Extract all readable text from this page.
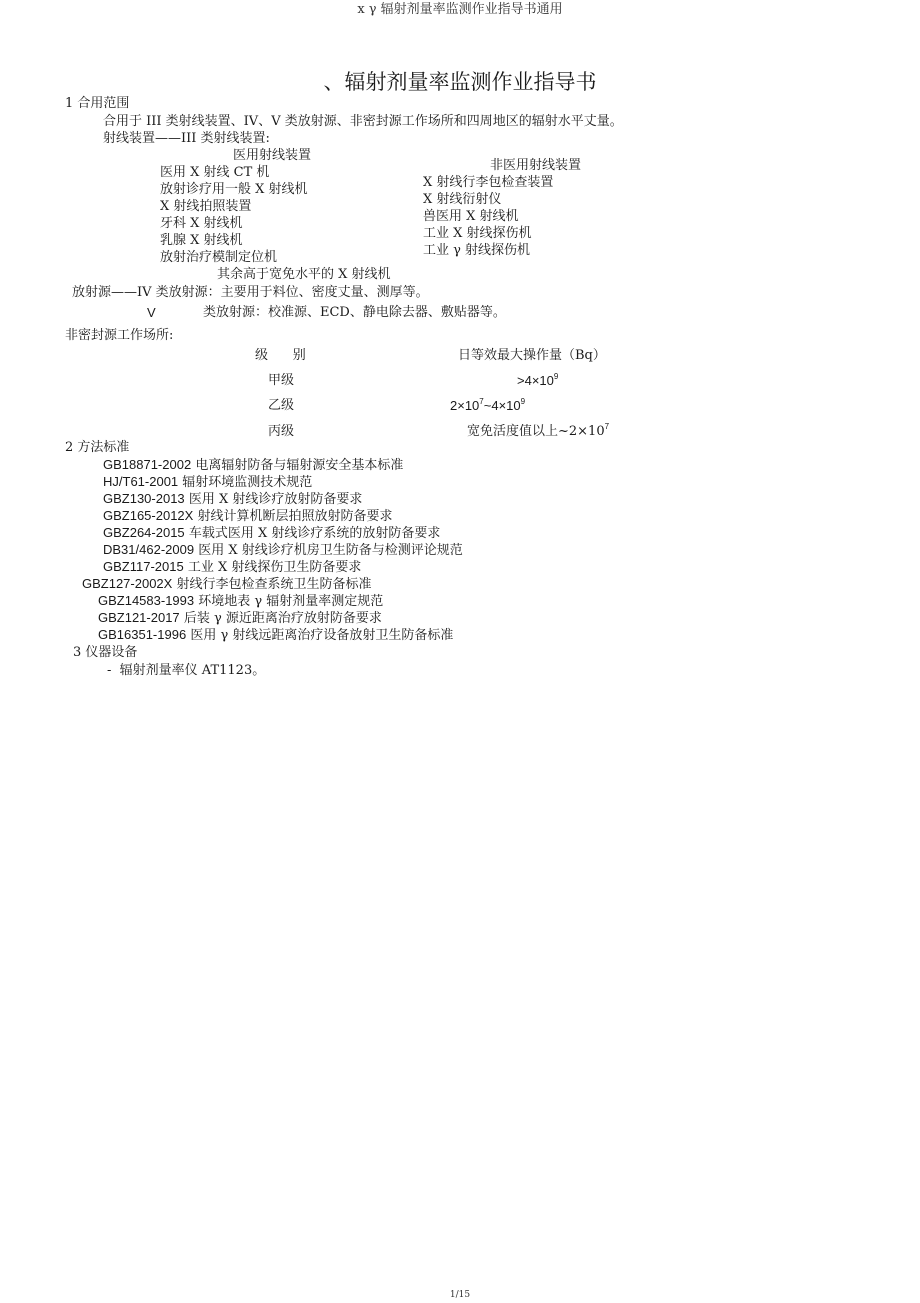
x γ 辐射剂量率监测作业指导书通用
、辐射剂量率监测作业指导书
1 合用范围
合用于 III 类射线装置、IV、V 类放射源、非密封源工作场所和四周地区的辐射水平丈量。
射线装置——III 类射线装置:
医用射线装置
医用 X 射线 CT 机
放射诊疗用一般 X 射线机
X 射线拍照装置
牙科 X 射线机
乳腺 X 射线机
放射治疗模制定位机
非医用射线装置
X 射线行李包检查装置
X 射线衍射仪
兽医用 X 射线机
工业 X 射线探伤机
工业 γ 射线探伤机
其余高于宽免水平的 X 射线机
放射源——IV 类放射源：主要用于料位、密度丈量、测厚等。
V	类放射源：校准源、ECD、静电除去器、敷贴器等。
非密封源工作场所:
级      别	日等效最大操作量（Bq）
甲级	$>4\times 10^9$
乙级	$2\times 10^7\sim 4\times 10^9$
丙级	宽免活度值以上$\sim 2\times 10^7$
2 方法标准
GB18871-2002 电离辐射防备与辐射源安全基本标准
HJ/T61-2001 辐射环境监测技术规范
GBZ130-2013 医用 X 射线诊疗放射防备要求
GBZ165-2012X 射线计算机断层拍照放射防备要求
GBZ264-2015 车载式医用 X 射线诊疗系统的放射防备要求
DB31/462-2009 医用 X 射线诊疗机房卫生防备与检测评论规范
GBZ117-2015 工业 X 射线探伤卫生防备要求
GBZ127-2002X 射线行李包检查系统卫生防备标准
GBZ14583-1993 环境地表 γ 辐射剂量率测定规范
GBZ121-2017 后装 γ 源近距离治疗放射防备要求
GB16351-1996 医用 γ 射线远距离治疗设备放射卫生防备标准
3 仪器设备
-  辐射剂量率仪 AT1123。
1/15
